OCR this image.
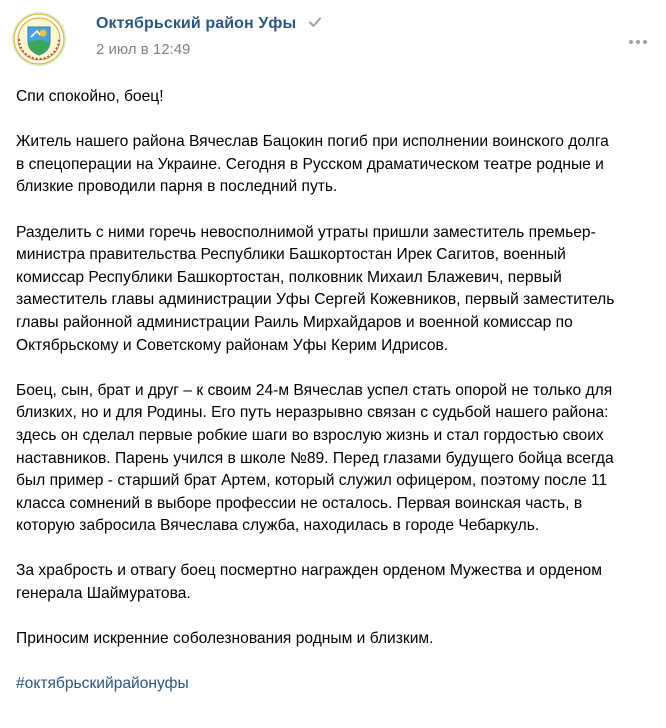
Октябрьский район Уфы
2 июл в 12:49

Спи спокойно, боец!

Житель нашего района Вячеслав Бацокин погиб при исполнении воинского долга
в спецоперации на Украине. Сегодня в Русском драматическом театре родные и
близкие проводили парня в последний путь.

Разделить с ними горечь невосполнимой утраты пришли заместитель премьер-
министра правительства Республики Башкортостан Ирек Сагитов, военный
комиссар Республики Башкортостан, полковник Михаил Блажевич, первый
заместитель главы администрации Уфы Сергей Кожевников, первый заместитель
главы районной администрации Раиль Мирхайдаров и военной комиссар по
Октябрьскому и Советскому районам Уфы Керим Идрисов.

Боец, сын, брат и друг – к своим 24-м Вячеслав успел стать опорой не только для
близких, но и для Родины. Его путь неразрывно связан с судьбой нашего района:
здесь он сделал первые робкие шаги во взрослую жизнь и стал гордостью своих
наставников. Парень учился в школе №89. Перед глазами будущего бойца всегда
был пример - старший брат Артем, который служил офицером, поэтому после 11
класса сомнений в выборе профессии не осталось. Первая воинская часть, в
которую забросила Вячеслава служба, находилась в городе Чебаркуль.

За храбрость и отвагу боец посмертно награжден орденом Мужества и орденом
генерала Шаймуратова.

Приносим искренние соболезнования родным и близким.

#октябрьскийрайонуфы
